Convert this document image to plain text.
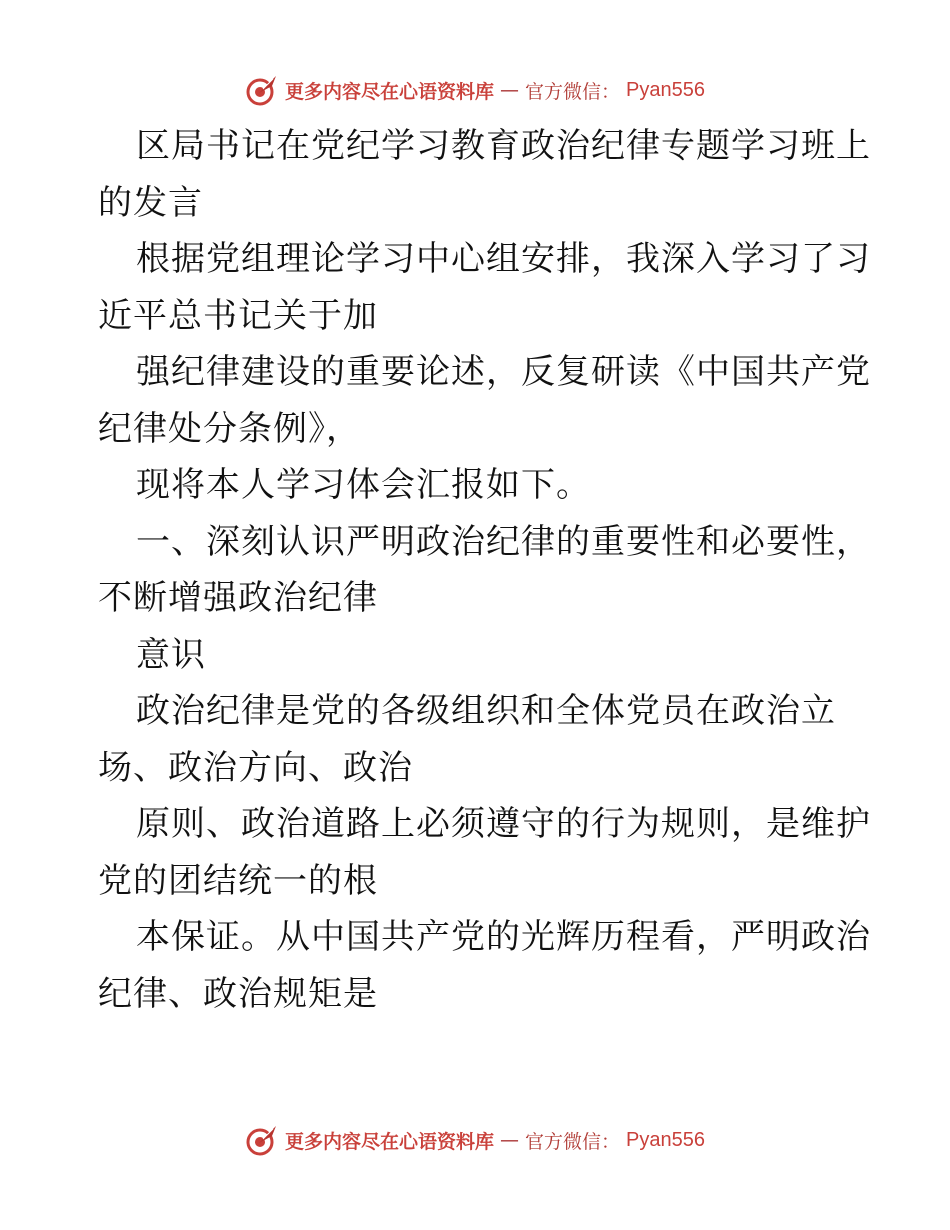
更多内容尽在心语资料库 — 官方微信： Pyan556
区局书记在党纪学习教育政治纪律专题学习班上
的发言
根据党组理论学习中心组安排，我深入学习了习
近平总书记关于加
强纪律建设的重要论述，反复研读《中国共产党
纪律处分条例》，
现将本人学习体会汇报如下。
一、深刻认识严明政治纪律的重要性和必要性，
不断增强政治纪律
意识
政治纪律是党的各级组织和全体党员在政治立
场、政治方向、政治
原则、政治道路上必须遵守的行为规则，是维护
党的团结统一的根
本保证。从中国共产党的光辉历程看，严明政治
纪律、政治规矩是
更多内容尽在心语资料库 — 官方微信： Pyan556
